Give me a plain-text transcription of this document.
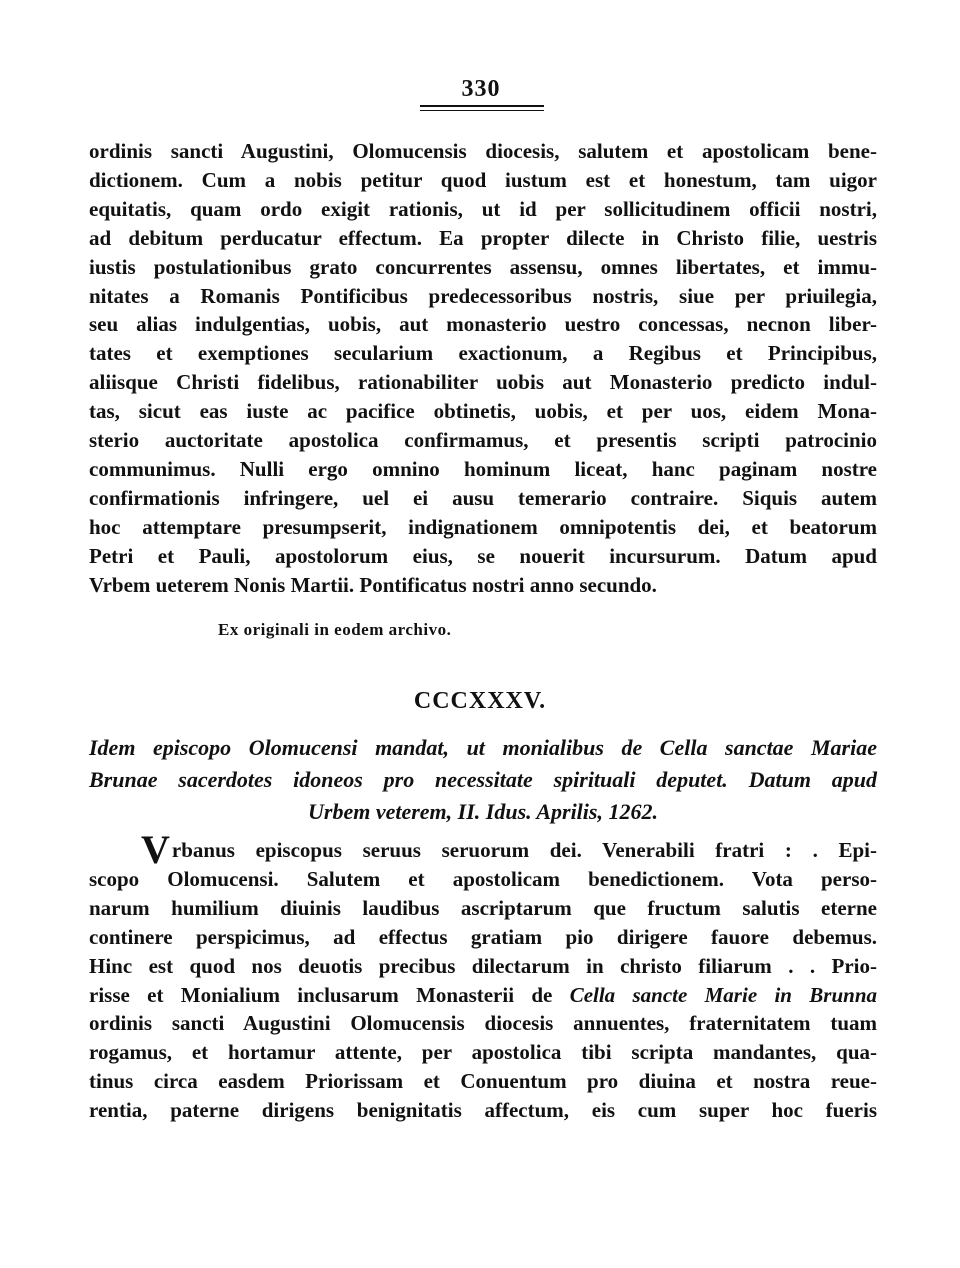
330
ordinis sancti Augustini, Olomucensis diocesis, salutem et apostolicam bene-
dictionem. Cum a nobis petitur quod iustum est et honestum, tam uigor
equitatis, quam ordo exigit rationis, ut id per sollicitudinem officii nostri,
ad debitum perducatur effectum. Ea propter dilecte in Christo filie, uestris
iustis postulationibus grato concurrentes assensu, omnes libertates, et immu-
nitates a Romanis Pontificibus predecessoribus nostris, siue per priuilegia,
seu alias indulgentias, uobis, aut monasterio uestro concessas, necnon liber-
tates et exemptiones secularium exactionum, a Regibus et Principibus,
aliisque Christi fidelibus, rationabiliter uobis aut Monasterio predicto indul-
tas, sicut eas iuste ac pacifice obtinetis, uobis, et per uos, eidem Mona-
sterio auctoritate apostolica confirmamus, et presentis scripti patrocinio
communimus. Nulli ergo omnino hominum liceat, hanc paginam nostre
confirmationis infringere, uel ei ausu temerario contraire. Siquis autem
hoc attemptare presumpserit, indignationem omnipotentis dei, et beatorum
Petri et Pauli, apostolorum eius, se nouerit incursurum. Datum apud
Vrbem ueterem Nonis Martii. Pontificatus nostri anno secundo.
Ex originali in eodem archivo.
CCCXXXV.
Idem episcopo Olomucensi mandat, ut monialibus de Cella sanctae Mariae
Brunae sacerdotes idoneos pro necessitate spirituali deputet. Datum apud
Urbem veterem, II. Idus. Aprilis, 1262.
Vrbanus episcopus seruus seruorum dei. Venerabili fratri : . Epi-
scopo Olomucensi. Salutem et apostolicam benedictionem. Vota perso-
narum humilium diuinis laudibus ascriptarum que fructum salutis eterne
continere perspicimus, ad effectus gratiam pio dirigere fauore debemus.
Hinc est quod nos deuotis precibus dilectarum in christo filiarum . . Prio-
risse et Monialium inclusarum Monasterii de Cella sancte Marie in Brunna
ordinis sancti Augustini Olomucensis diocesis annuentes, fraternitatem tuam
rogamus, et hortamur attente, per apostolica tibi scripta mandantes, qua-
tinus circa easdem Priorissam et Conuentum pro diuina et nostra reue-
rentia, paterne dirigens benignitatis affectum, eis cum super hoc fueris
